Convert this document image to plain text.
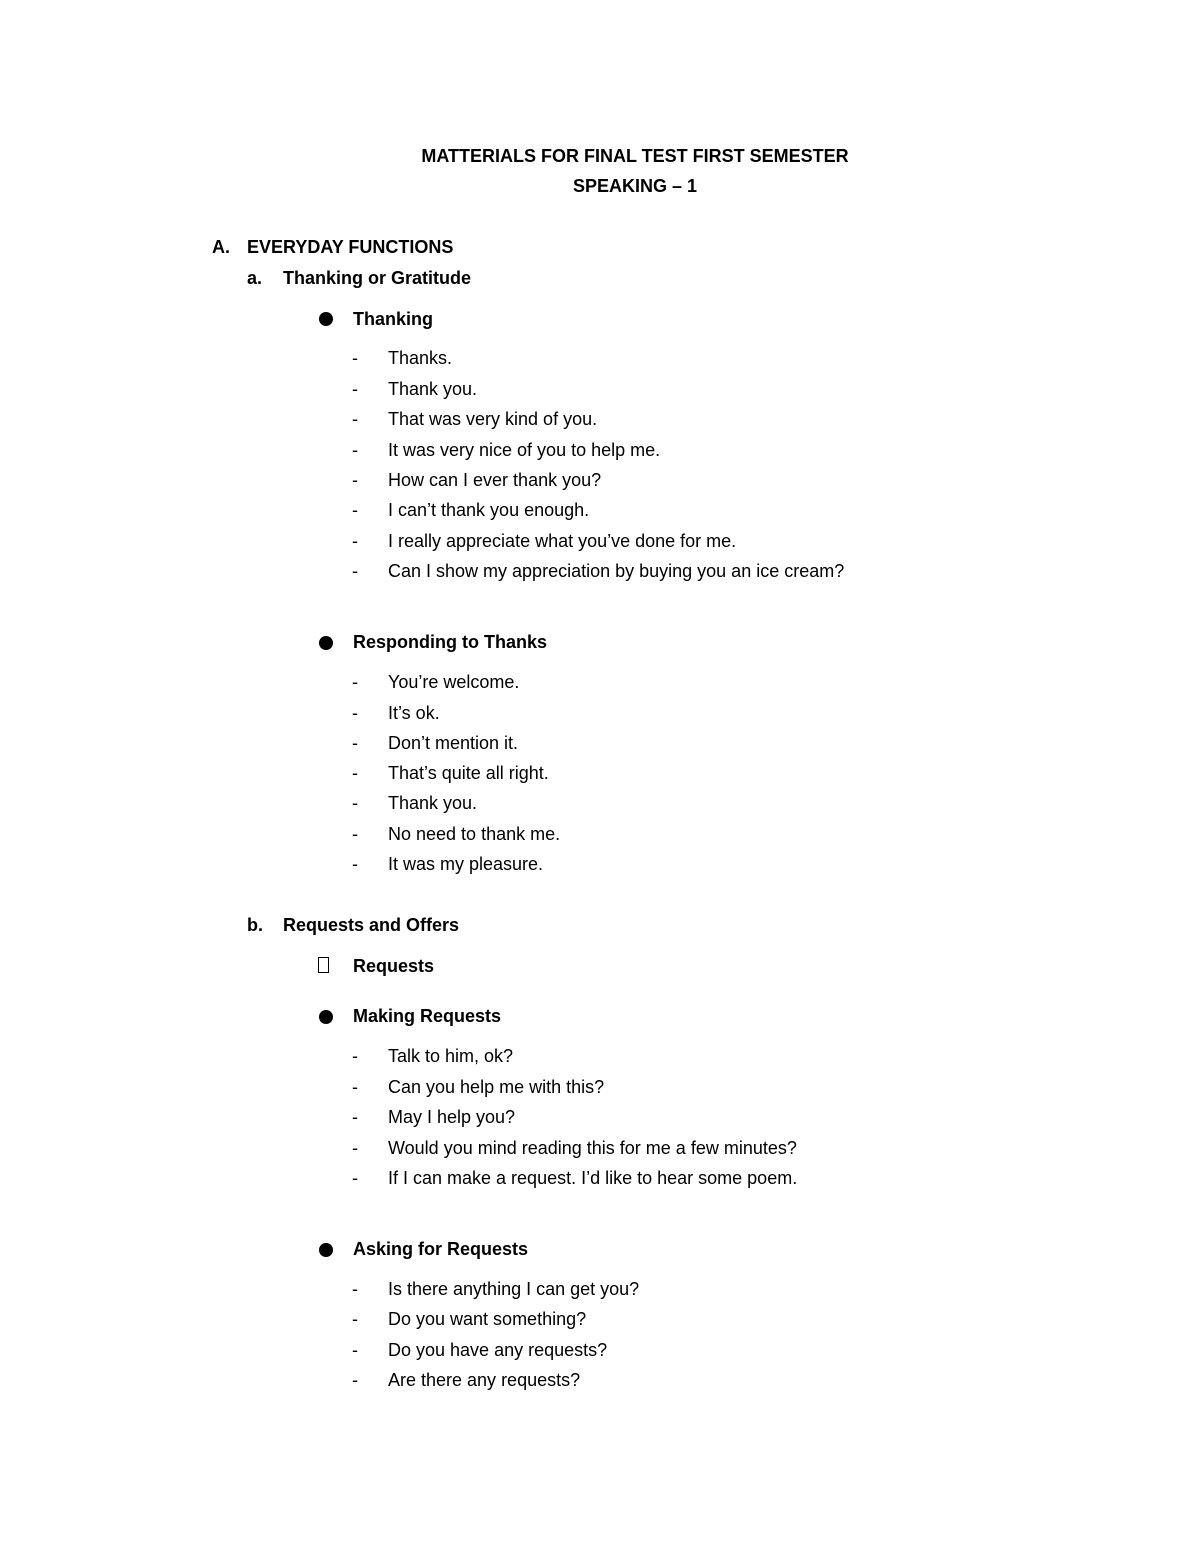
MATTERIALS FOR FINAL TEST FIRST SEMESTER
SPEAKING – 1
A. EVERYDAY FUNCTIONS
a. Thanking or Gratitude
Thanking
- Thanks.
- Thank you.
- That was very kind of you.
- It was very nice of you to help me.
- How can I ever thank you?
- I can’t thank you enough.
- I really appreciate what you’ve done for me.
- Can I show my appreciation by buying you an ice cream?
Responding to Thanks
- You’re welcome.
- It’s ok.
- Don’t mention it.
- That’s quite all right.
- Thank you.
- No need to thank me.
- It was my pleasure.
b. Requests and Offers
Requests
Making Requests
- Talk to him, ok?
- Can you help me with this?
- May I help you?
- Would you mind reading this for me a few minutes?
- If I can make a request. I’d like to hear some poem.
Asking for Requests
- Is there anything I can get you?
- Do you want something?
- Do you have any requests?
- Are there any requests?
